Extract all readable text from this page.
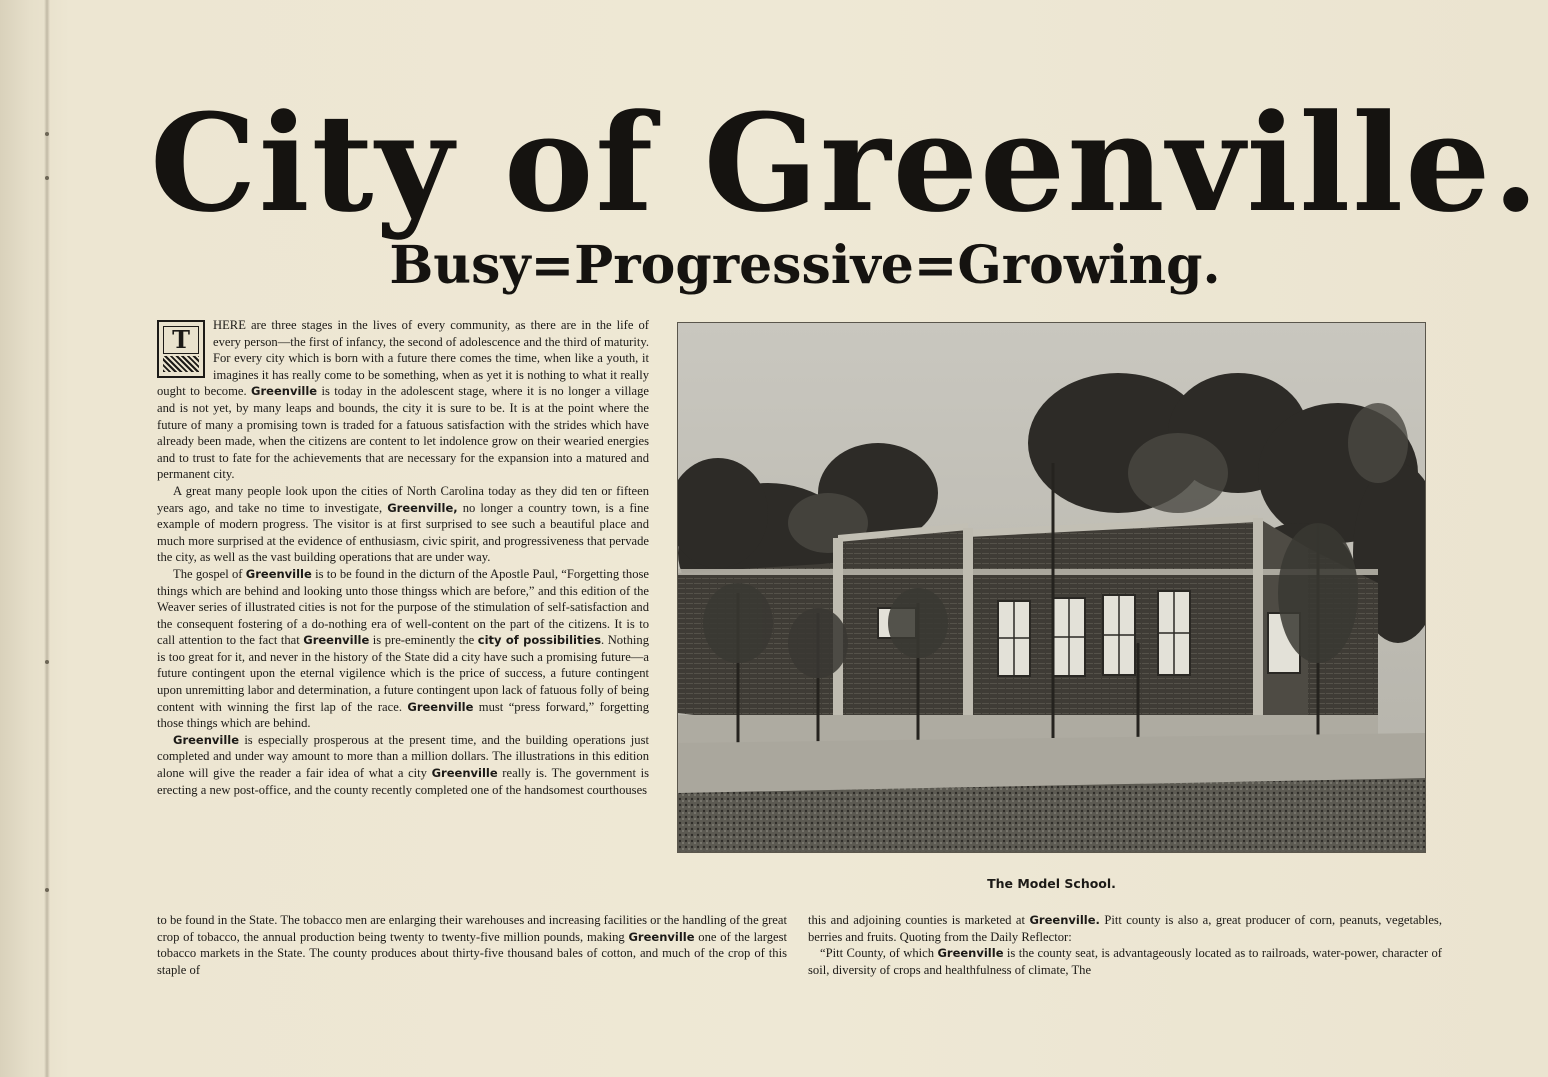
City of Greenville.
Busy=Progressive=Growing.

T	HERE are three stages in the lives of every community, as there are in the life of every person—the first of infancy, the second of adolescence and the third of maturity. For every city which is born with a future there comes the time, when like a youth, it imagines it has really come to be something, when as yet it is nothing to what it really ought to become. Greenville is today in the adolescent stage, where it is no longer a village and is not yet, by many leaps and bounds, the city it is sure to be. It is at the point where the future of many a promising town is traded for a fatuous satisfaction with the strides which have already been made, when the citizens are content to let indolence grow on their wearied energies and to trust to fate for the achievements that are necessary for the expansion into a matured and permanent city.

A great many people look upon the cities of North Carolina today as they did ten or fifteen years ago, and take no time to investigate, Greenville, no longer a country town, is a fine example of modern progress. The visitor is at first surprised to see such a beautiful place and much more surprised at the evidence of enthusiasm, civic spirit, and progressiveness that pervade the city, as well as the vast building operations that are under way.

The gospel of Greenville is to be found in the dicturn of the Apostle Paul, “Forgetting those things which are behind and looking unto those thingss which are before,” and this edition of the Weaver series of illustrated cities is not for the purpose of the stimulation of self-satisfaction and the consequent fostering of a do-nothing era of well-content on the part of the citizens. It is to call attention to the fact that Greenville is pre-eminently the city of possibilities. Nothing is too great for it, and never in the history of the State did a city have such a promising future—a future contingent upon the eternal vigilence which is the price of success, a future contingent upon unremitting labor and determination, a future contingent upon lack of fatuous folly of being content with winning the first lap of the race. Greenville must “press forward,” forgetting those things which are behind.

Greenville is especially prosperous at the present time, and the building operations just completed and under way amount to more than a million dollars. The illustrations in this edition alone will give the reader a fair idea of what a city Greenville really is. The government is erecting a new post-office, and the county recently completed one of the handsomest courthouses

The Model School.

to be found in the State. The tobacco men are enlarging their warehouses and increasing facilities or the handling of the great crop of tobacco, the annual production being twenty to twenty-five million pounds, making Greenville one of the largest tobacco markets in the State. The county produces about thirty-five thousand bales of cotton, and much of the crop of this staple of

this and adjoining counties is marketed at Greenville. Pitt county is also a, great producer of corn, peanuts, vegetables, berries and fruits. Quoting from the Daily Reflector:

“Pitt County, of which Greenville is the county seat, is advantageously located as to railroads, water-power, character of soil, diversity of crops and healthfulness of climate, The
